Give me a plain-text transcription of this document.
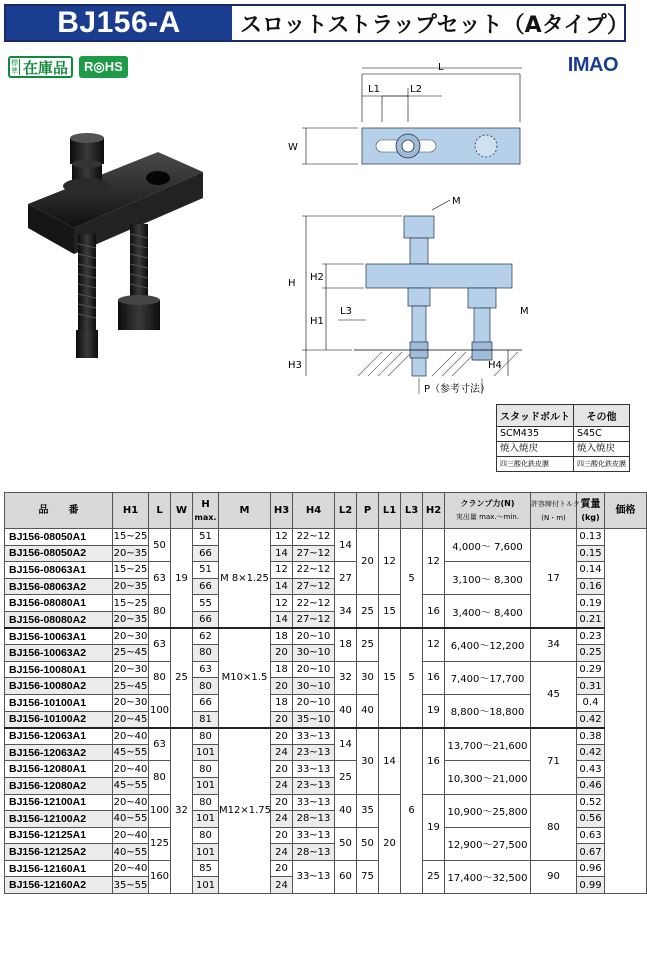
BJ156-A	スロットストラップセット（Aタイプ）
標準 在庫品	R◎HS	IMAO
L
L1	L2
W
M
M
H
H2
H1
H3
L3
H4
P（参考寸法）
スタッドボルト	その他
SCM435	S45C
焼入焼戻	焼入焼戻
四三酸化鉄皮膜	四三酸化鉄皮膜
品　　番	H1	L	W	H
max.	M	H3	H4	L2	P	L1	L3	H2	クランプ力(N)
実出量 max.～min.	許容締付トルク
(N・m)	質量
(kg)	価格
BJ156-08050A1	15~25	50	19	51	M 8×1.25	12	22~12	14	20	12	5	12	4,000～ 7,600	17	0.13	
BJ156-08050A2	20~35			66		14	27~12								0.15	
BJ156-08063A1	15~25	63		51		12	22~12	27					3,100～ 8,300		0.14	
BJ156-08063A2	20~35			66		14	27~12								0.16	
BJ156-08080A1	15~25	80		55		12	22~12	34	25	15		16	3,400～ 8,400		0.19	
BJ156-08080A2	20~35			66		14	27~12								0.21	
BJ156-10063A1	20~30	63	25	62	M10×1.5	18	20~10	18	25	15	5	12	6,400～12,200	34	0.23	
BJ156-10063A2	25~45			80		20	30~10								0.25	
BJ156-10080A1	20~30	80		63		18	20~10	32	30			16	7,400～17,700	45	0.29	
BJ156-10080A2	25~45			80		20	30~10								0.31	
BJ156-10100A1	20~30	100		66		18	20~10	40	40			19	8,800～18,800		0.4	
BJ156-10100A2	20~45			81		20	35~10								0.42	
BJ156-12063A1	20~40	63	32	80	M12×1.75	20	33~13	14	30	14	6	16	13,700～21,600	71	0.38	
BJ156-12063A2	45~55			101		24	23~13								0.42	
BJ156-12080A1	20~40	80		80		20	33~13	25					10,300～21,000		0.43	
BJ156-12080A2	45~55			101		24	23~13								0.46	
BJ156-12100A1	20~40	100		80		20	33~13	40	35	20		19	10,900～25,800	80	0.52	
BJ156-12100A2	40~55			101		24	28~13								0.56	
BJ156-12125A1	20~40	125		80		20	33~13	50	50				12,900～27,500		0.63	
BJ156-12125A2	40~55			101		24	28~13								0.67	
BJ156-12160A1	20~40	160		85		20	33~13	60	75			25	17,400～32,500	90	0.96	
BJ156-12160A2	35~55			101		24									0.99	
